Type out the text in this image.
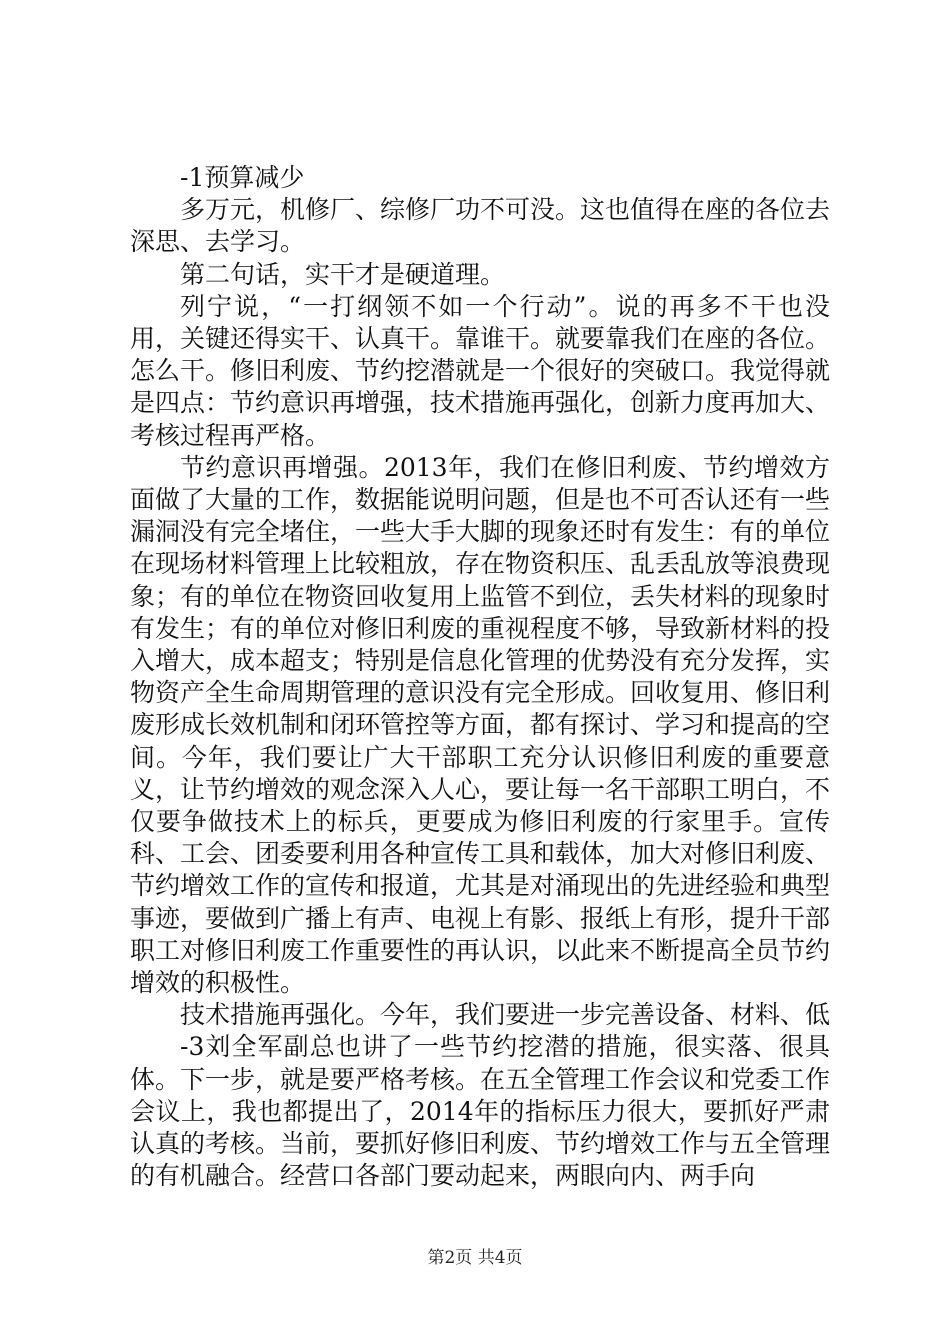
-1预算减少

多万元，机修厂、综修厂功不可没。这也值得在座的各位去深思、去学习。

第二句话，实干才是硬道理。

列宁说，“一打纲领不如一个行动”。说的再多不干也没用，关键还得实干、认真干。靠谁干。就要靠我们在座的各位。怎么干。修旧利废、节约挖潜就是一个很好的突破口。我觉得就是四点：节约意识再增强，技术措施再强化，创新力度再加大、考核过程再严格。

节约意识再增强。2013年，我们在修旧利废、节约增效方面做了大量的工作，数据能说明问题，但是也不可否认还有一些漏洞没有完全堵住，一些大手大脚的现象还时有发生：有的单位在现场材料管理上比较粗放，存在物资积压、乱丢乱放等浪费现象；有的单位在物资回收复用上监管不到位，丢失材料的现象时有发生；有的单位对修旧利废的重视程度不够，导致新材料的投入增大，成本超支；特别是信息化管理的优势没有充分发挥，实物资产全生命周期管理的意识没有完全形成。回收复用、修旧利废形成长效机制和闭环管控等方面，都有探讨、学习和提高的空间。今年，我们要让广大干部职工充分认识修旧利废的重要意义，让节约增效的观念深入人心，要让每一名干部职工明白，不仅要争做技术上的标兵，更要成为修旧利废的行家里手。宣传科、工会、团委要利用各种宣传工具和载体，加大对修旧利废、节约增效工作的宣传和报道，尤其是对涌现出的先进经验和典型事迹，要做到广播上有声、电视上有影、报纸上有形，提升干部职工对修旧利废工作重要性的再认识，以此来不断提高全员节约增效的积极性。

技术措施再强化。今年，我们要进一步完善设备、材料、低

-3刘全军副总也讲了一些节约挖潜的措施，很实落、很具体。下一步，就是要严格考核。在五全管理工作会议和党委工作会议上，我也都提出了，2014年的指标压力很大，要抓好严肃认真的考核。当前，要抓好修旧利废、节约增效工作与五全管理的有机融合。经营口各部门要动起来，两眼向内、两手向

第2页 共4页
